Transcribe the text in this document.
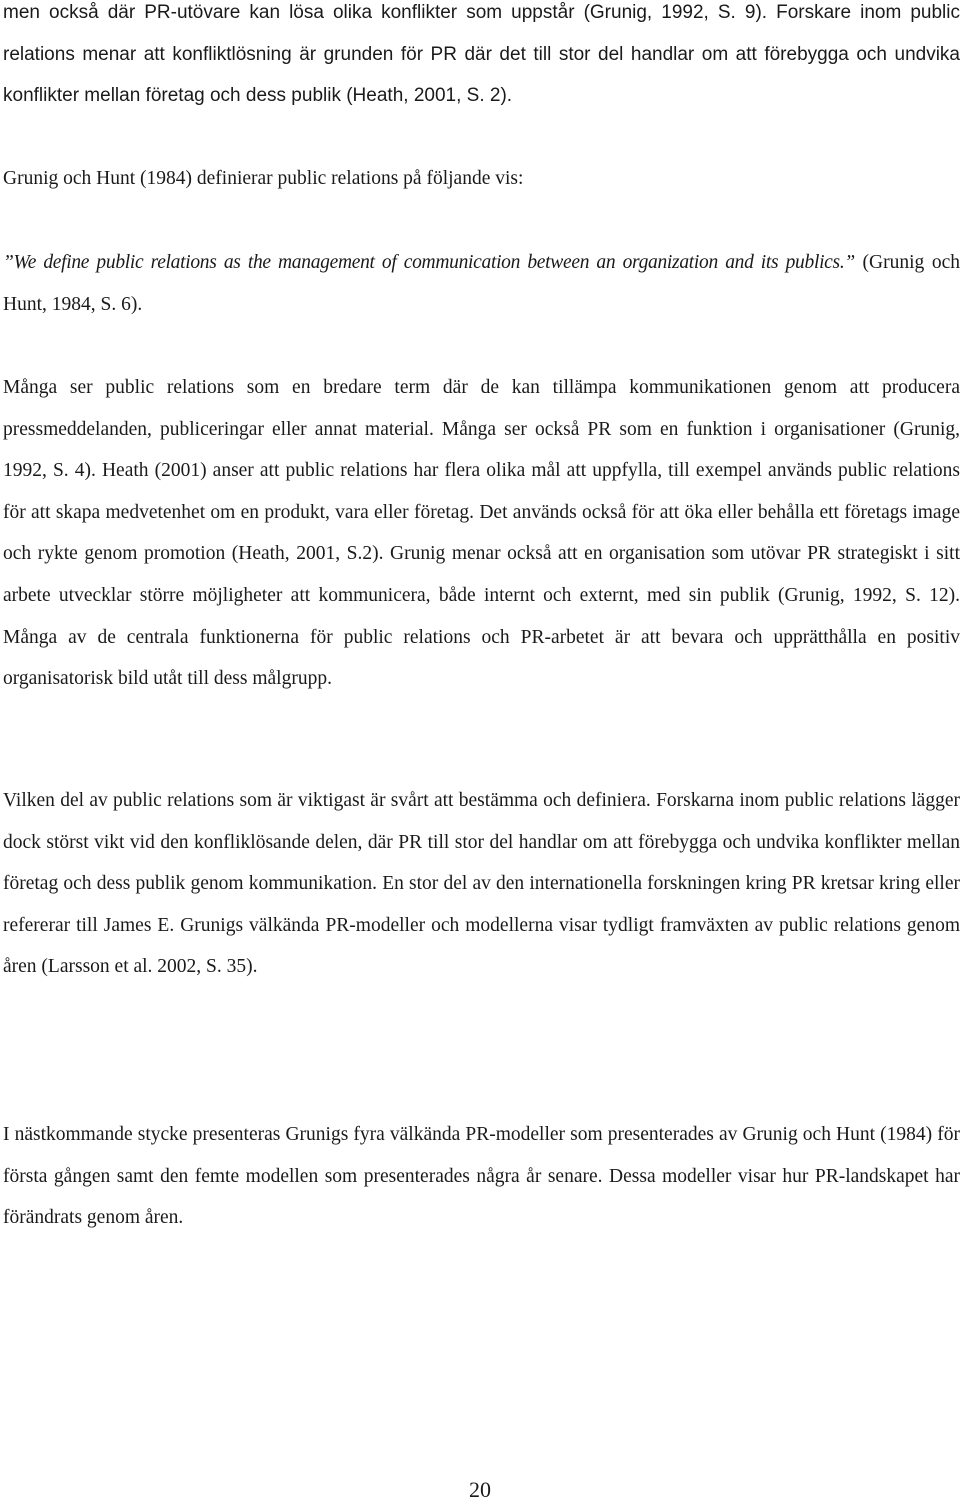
men också där PR-utövare kan lösa olika konflikter som uppstår (Grunig, 1992, S. 9). Forskare inom public relations menar att konfliktlösning är grunden för PR där det till stor del handlar om att förebygga och undvika konflikter mellan företag och dess publik (Heath, 2001, S. 2).

Grunig och Hunt (1984) definierar public relations på följande vis:

”We define public relations as the management of communication between an organization and its publics.” (Grunig och Hunt, 1984, S. 6).

Många ser public relations som en bredare term där de kan tillämpa kommunikationen genom att producera pressmeddelanden, publiceringar eller annat material. Många ser också PR som en funktion i organisationer (Grunig, 1992, S. 4). Heath (2001) anser att public relations har flera olika mål att uppfylla, till exempel används public relations för att skapa medvetenhet om en produkt, vara eller företag. Det används också för att öka eller behålla ett företags image och rykte genom promotion (Heath, 2001, S.2). Grunig menar också att en organisation som utövar PR strategiskt i sitt arbete utvecklar större möjligheter att kommunicera, både internt och externt, med sin publik (Grunig, 1992, S. 12). Många av de centrala funktionerna för public relations och PR-arbetet är att bevara och upprätthålla en positiv organisatorisk bild utåt till dess målgrupp.

Vilken del av public relations som är viktigast är svårt att bestämma och definiera. Forskarna inom public relations lägger dock störst vikt vid den konfliklösande delen, där PR till stor del handlar om att förebygga och undvika konflikter mellan företag och dess publik genom kommunikation. En stor del av den internationella forskningen kring PR kretsar kring eller refererar till James E. Grunigs välkända PR-modeller och modellerna visar tydligt framväxten av public relations genom åren (Larsson et al. 2002, S. 35).

I nästkommande stycke presenteras Grunigs fyra välkända PR-modeller som presenterades av Grunig och Hunt (1984) för första gången samt den femte modellen som presenterades några år senare. Dessa modeller visar hur PR-landskapet har förändrats genom åren.

20
